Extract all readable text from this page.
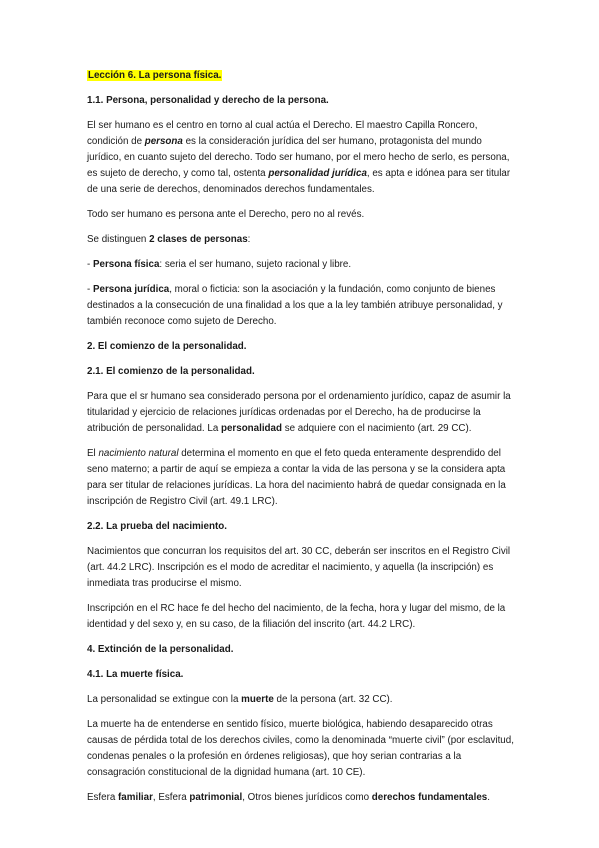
Lección 6. La persona física.

1.1. Persona, personalidad y derecho de la persona.

El ser humano es el centro en torno al cual actúa el Derecho. El maestro Capilla Roncero, condición de persona es la consideración jurídica del ser humano, protagonista del mundo jurídico, en cuanto sujeto del derecho. Todo ser humano, por el mero hecho de serlo, es persona, es sujeto de derecho, y como tal, ostenta personalidad jurídica, es apta e idónea para ser titular de una serie de derechos, denominados derechos fundamentales.

Todo ser humano es persona ante el Derecho, pero no al revés.

Se distinguen 2 clases de personas:

- Persona física: seria el ser humano, sujeto racional y libre.

- Persona jurídica, moral o ficticia: son la asociación y la fundación, como conjunto de bienes destinados a la consecución de una finalidad a los que a la ley también atribuye personalidad, y también reconoce como sujeto de Derecho.

2. El comienzo de la personalidad.

2.1. El comienzo de la personalidad.

Para que el sr humano sea considerado persona por el ordenamiento jurídico, capaz de asumir la titularidad y ejercicio de relaciones jurídicas ordenadas por el Derecho, ha de producirse la atribución de personalidad. La personalidad se adquiere con el nacimiento (art. 29 CC).

El nacimiento natural determina el momento en que el feto queda enteramente desprendido del seno materno; a partir de aquí se empieza a contar la vida de las persona y se la considera apta para ser titular de relaciones jurídicas. La hora del nacimiento habrá de quedar consignada en la inscripción de Registro Civil (art. 49.1 LRC).

2.2. La prueba del nacimiento.

Nacimientos que concurran los requisitos del art. 30 CC, deberán ser inscritos en el Registro Civil (art. 44.2 LRC). Inscripción es el modo de acreditar el nacimiento, y aquella (la inscripción) es inmediata tras producirse el mismo.

Inscripción en el RC hace fe del hecho del nacimiento, de la fecha, hora y lugar del mismo, de la identidad y del sexo y, en su caso, de la filiación del inscrito (art. 44.2 LRC).

4. Extinción de la personalidad.

4.1. La muerte física.

La personalidad se extingue con la muerte de la persona (art. 32 CC).

La muerte ha de entenderse en sentido físico, muerte biológica, habiendo desaparecido otras causas de pérdida total de los derechos civiles, como la denominada “muerte civil” (por esclavitud, condenas penales o la profesión en órdenes religiosas), que hoy serian contrarias a la consagración constitucional de la dignidad humana (art. 10 CE).

Esfera familiar, Esfera patrimonial, Otros bienes jurídicos como derechos fundamentales.
